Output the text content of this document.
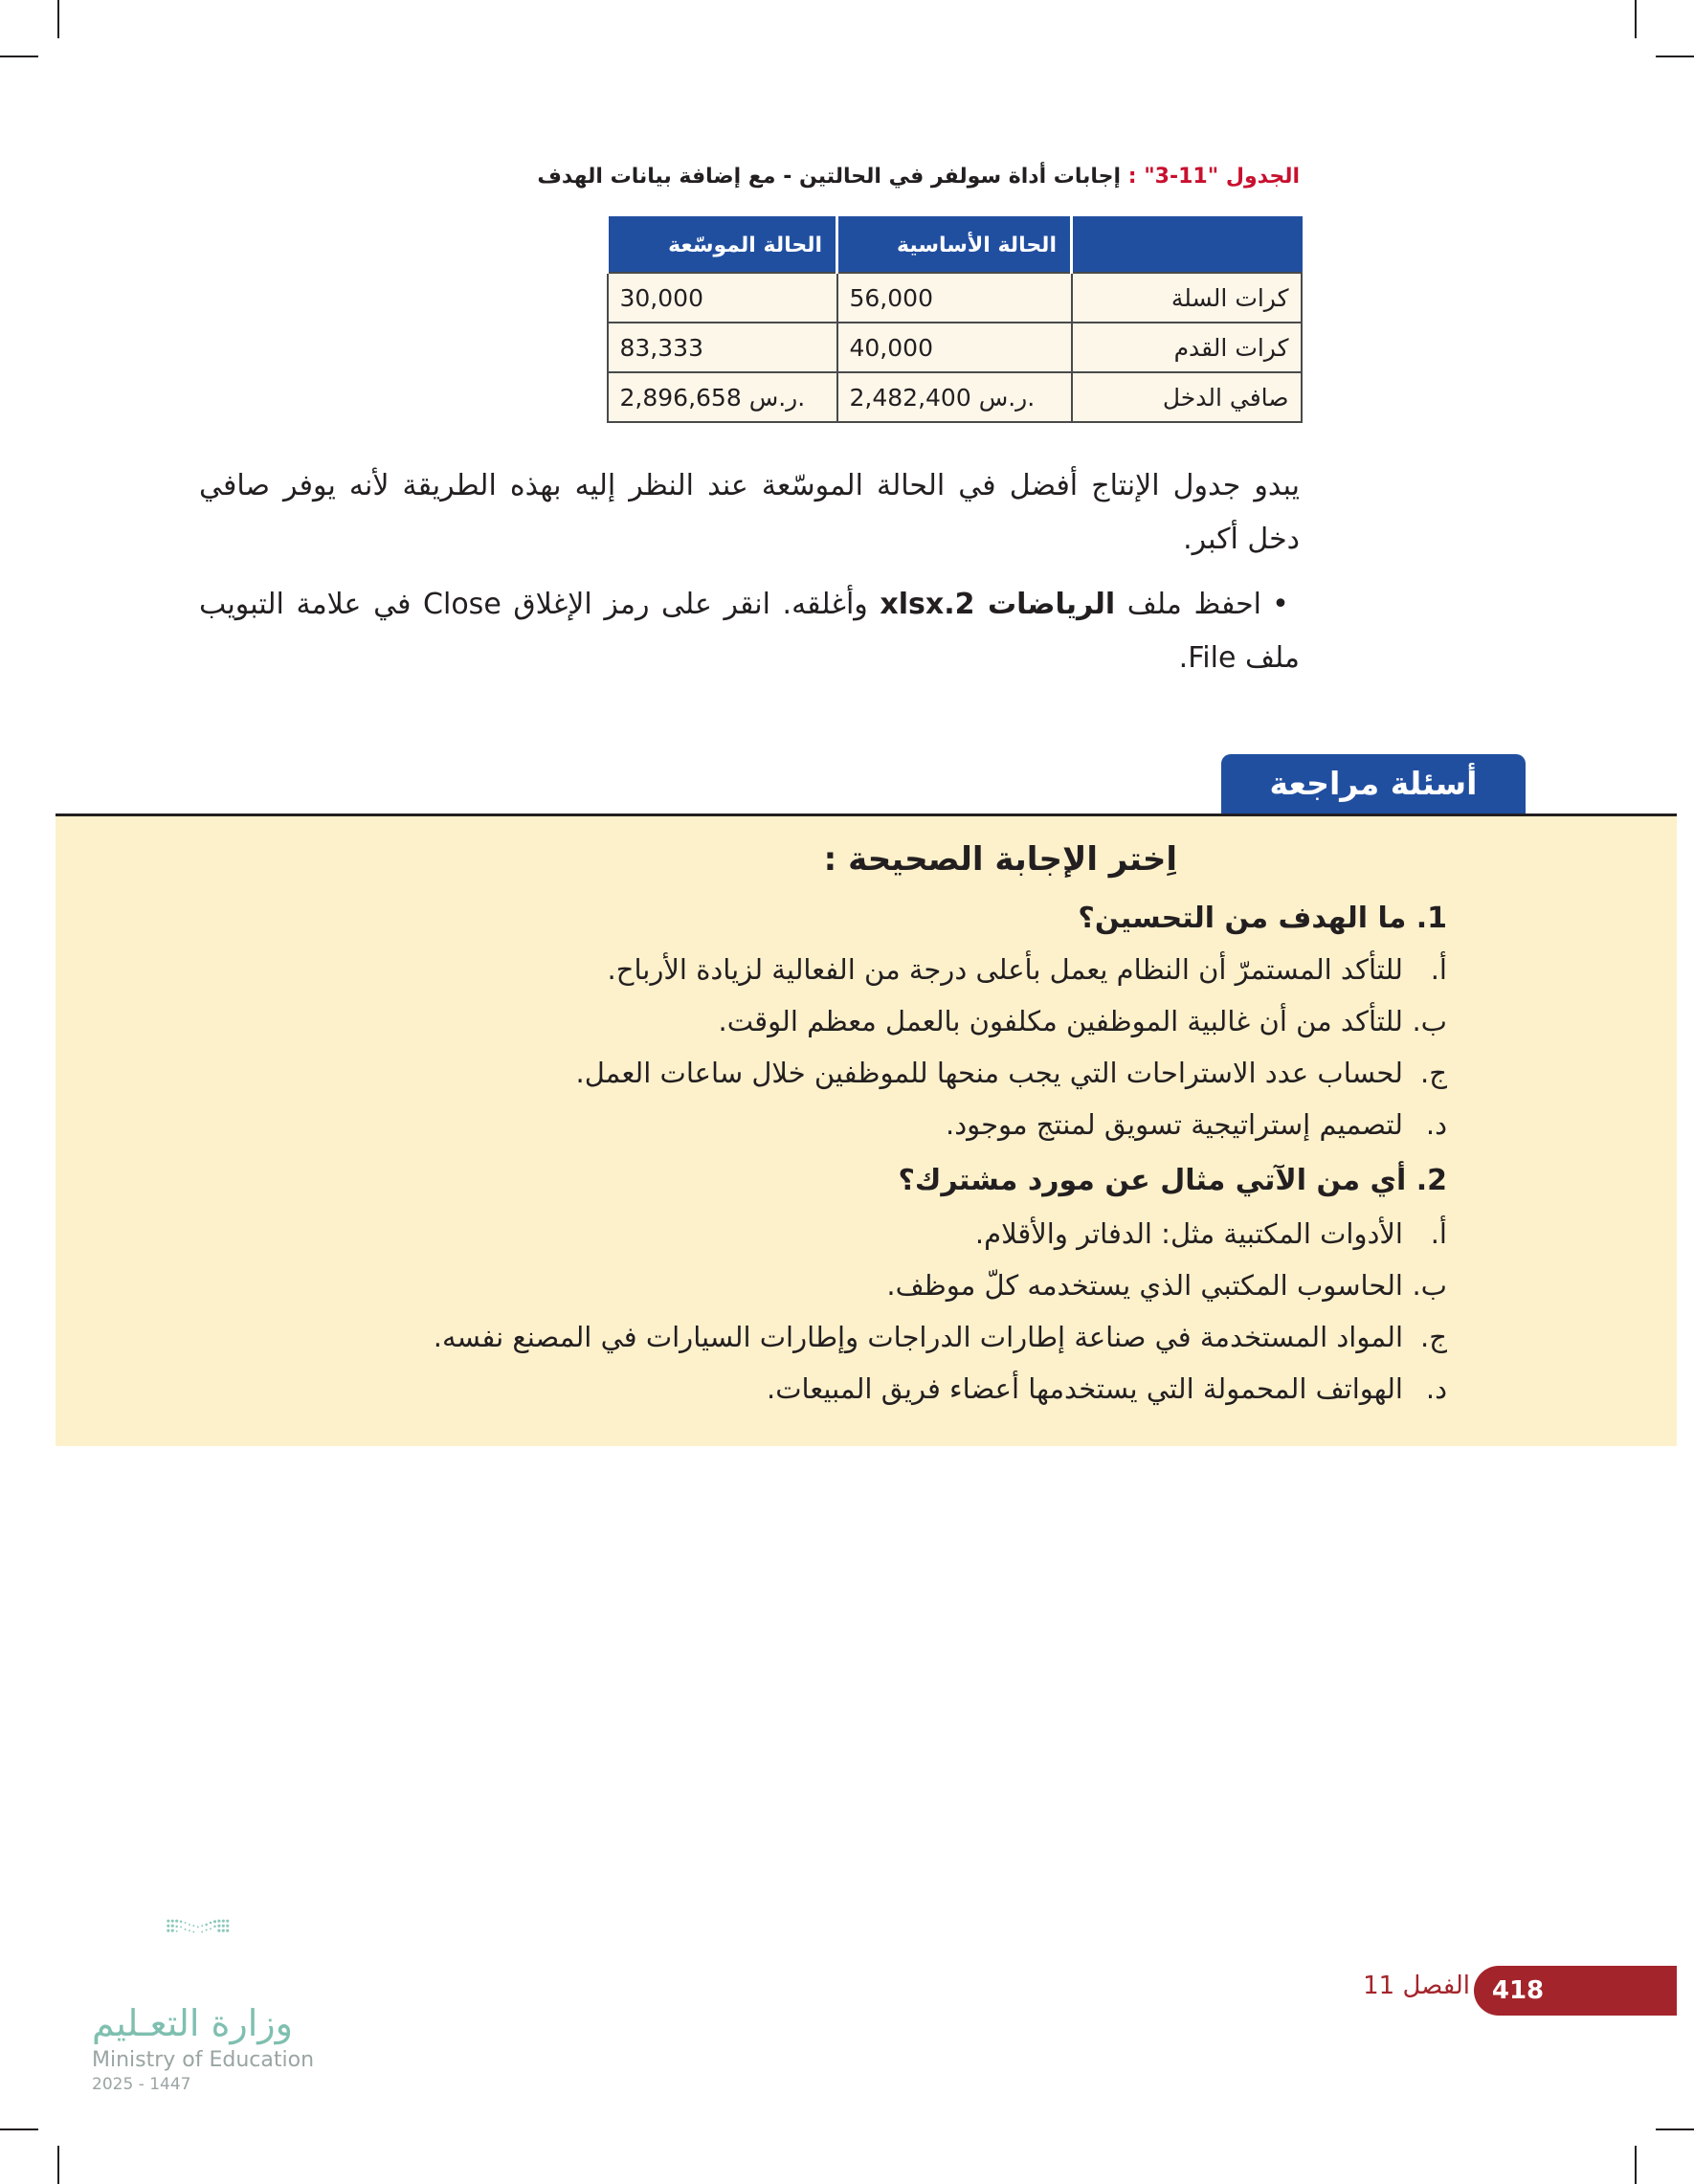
الجدول "11-3" : إجابات أداة سولفر في الحالتين - مع إضافة بيانات الهدف
	الحالة الأساسية	الحالة الموسّعة
كرات السلة	56,000	30,000
كرات القدم	40,000	83,333
صافي الدخل	2,482,400 ر.س.	2,896,658 ر.س.
يبدو جدول الإنتاج أفضل في الحالة الموسّعة عند النظر إليه بهذه الطريقة لأنه يوفر صافي دخل أكبر.
•احفظ ملف الرياضات xlsx.2 وأغلقه. انقر على رمز الإغلاق Close في علامة التبويب ملف File.
أسئلة مراجعة
اِختر الإجابة الصحيحة :
1. ما الهدف من التحسين؟
أ.للتأكد المستمرّ أن النظام يعمل بأعلى درجة من الفعالية لزيادة الأرباح.
ب.للتأكد من أن غالبية الموظفين مكلفون بالعمل معظم الوقت.
ج.لحساب عدد الاستراحات التي يجب منحها للموظفين خلال ساعات العمل.
د.لتصميم إستراتيجية تسويق لمنتج موجود.
2. أي من الآتي مثال عن مورد مشترك؟
أ.الأدوات المكتبية مثل: الدفاتر والأقلام.
ب.الحاسوب المكتبي الذي يستخدمه كلّ موظف.
ج.المواد المستخدمة في صناعة إطارات الدراجات وإطارات السيارات في المصنع نفسه.
د.الهواتف المحمولة التي يستخدمها أعضاء فريق المبيعات.
418
الفصل 11
وزارة التعـليم
Ministry of Education
2025 - 1447
